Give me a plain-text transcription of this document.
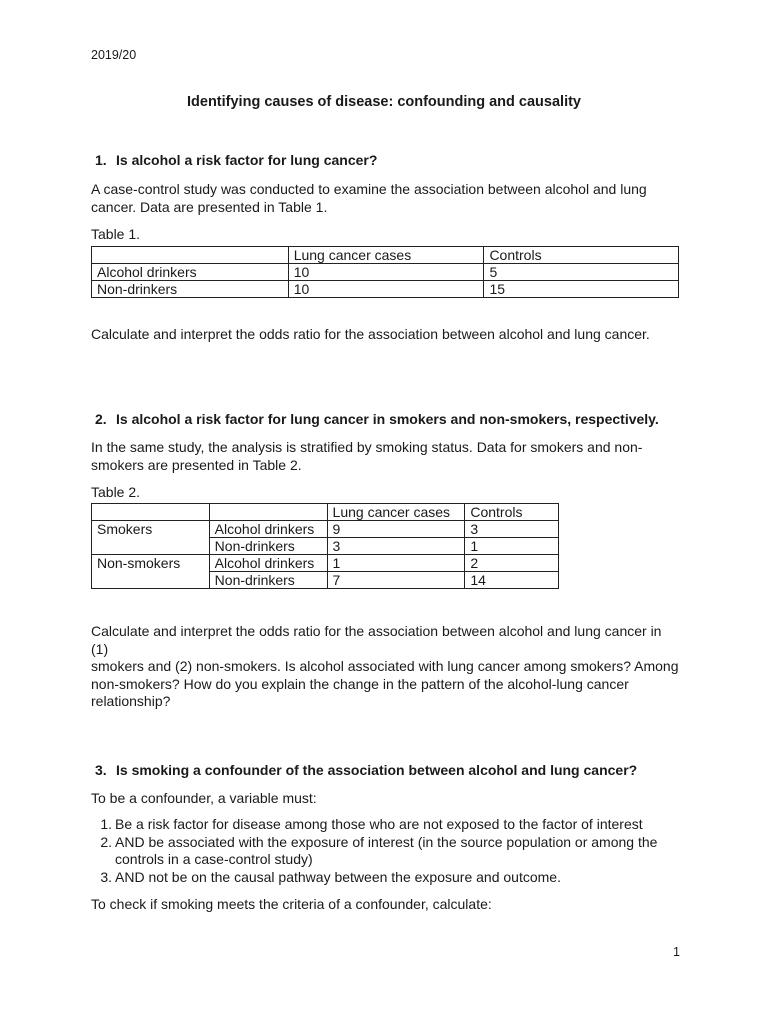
2019/20
Identifying causes of disease: confounding and causality
1. Is alcohol a risk factor for lung cancer?
A case-control study was conducted to examine the association between alcohol and lung
cancer. Data are presented in Table 1.
Table 1.
	Lung cancer cases	Controls
Alcohol drinkers	10	5
Non-drinkers	10	15
Calculate and interpret the odds ratio for the association between alcohol and lung cancer.
2. Is alcohol a risk factor for lung cancer in smokers and non-smokers, respectively.
In the same study, the analysis is stratified by smoking status. Data for smokers and non-
smokers are presented in Table 2.
Table 2.
		Lung cancer cases	Controls
Smokers	Alcohol drinkers	9	3
	Non-drinkers	3	1
Non-smokers	Alcohol drinkers	1	2
	Non-drinkers	7	14
Calculate and interpret the odds ratio for the association between alcohol and lung cancer in (1)
smokers and (2) non-smokers. Is alcohol associated with lung cancer among smokers? Among
non-smokers? How do you explain the change in the pattern of the alcohol-lung cancer
relationship?
3. Is smoking a confounder of the association between alcohol and lung cancer?
To be a confounder, a variable must:
1. Be a risk factor for disease among those who are not exposed to the factor of interest
2. AND be associated with the exposure of interest (in the source population or among the
controls in a case-control study)
3. AND not be on the causal pathway between the exposure and outcome.
To check if smoking meets the criteria of a confounder, calculate:
1
